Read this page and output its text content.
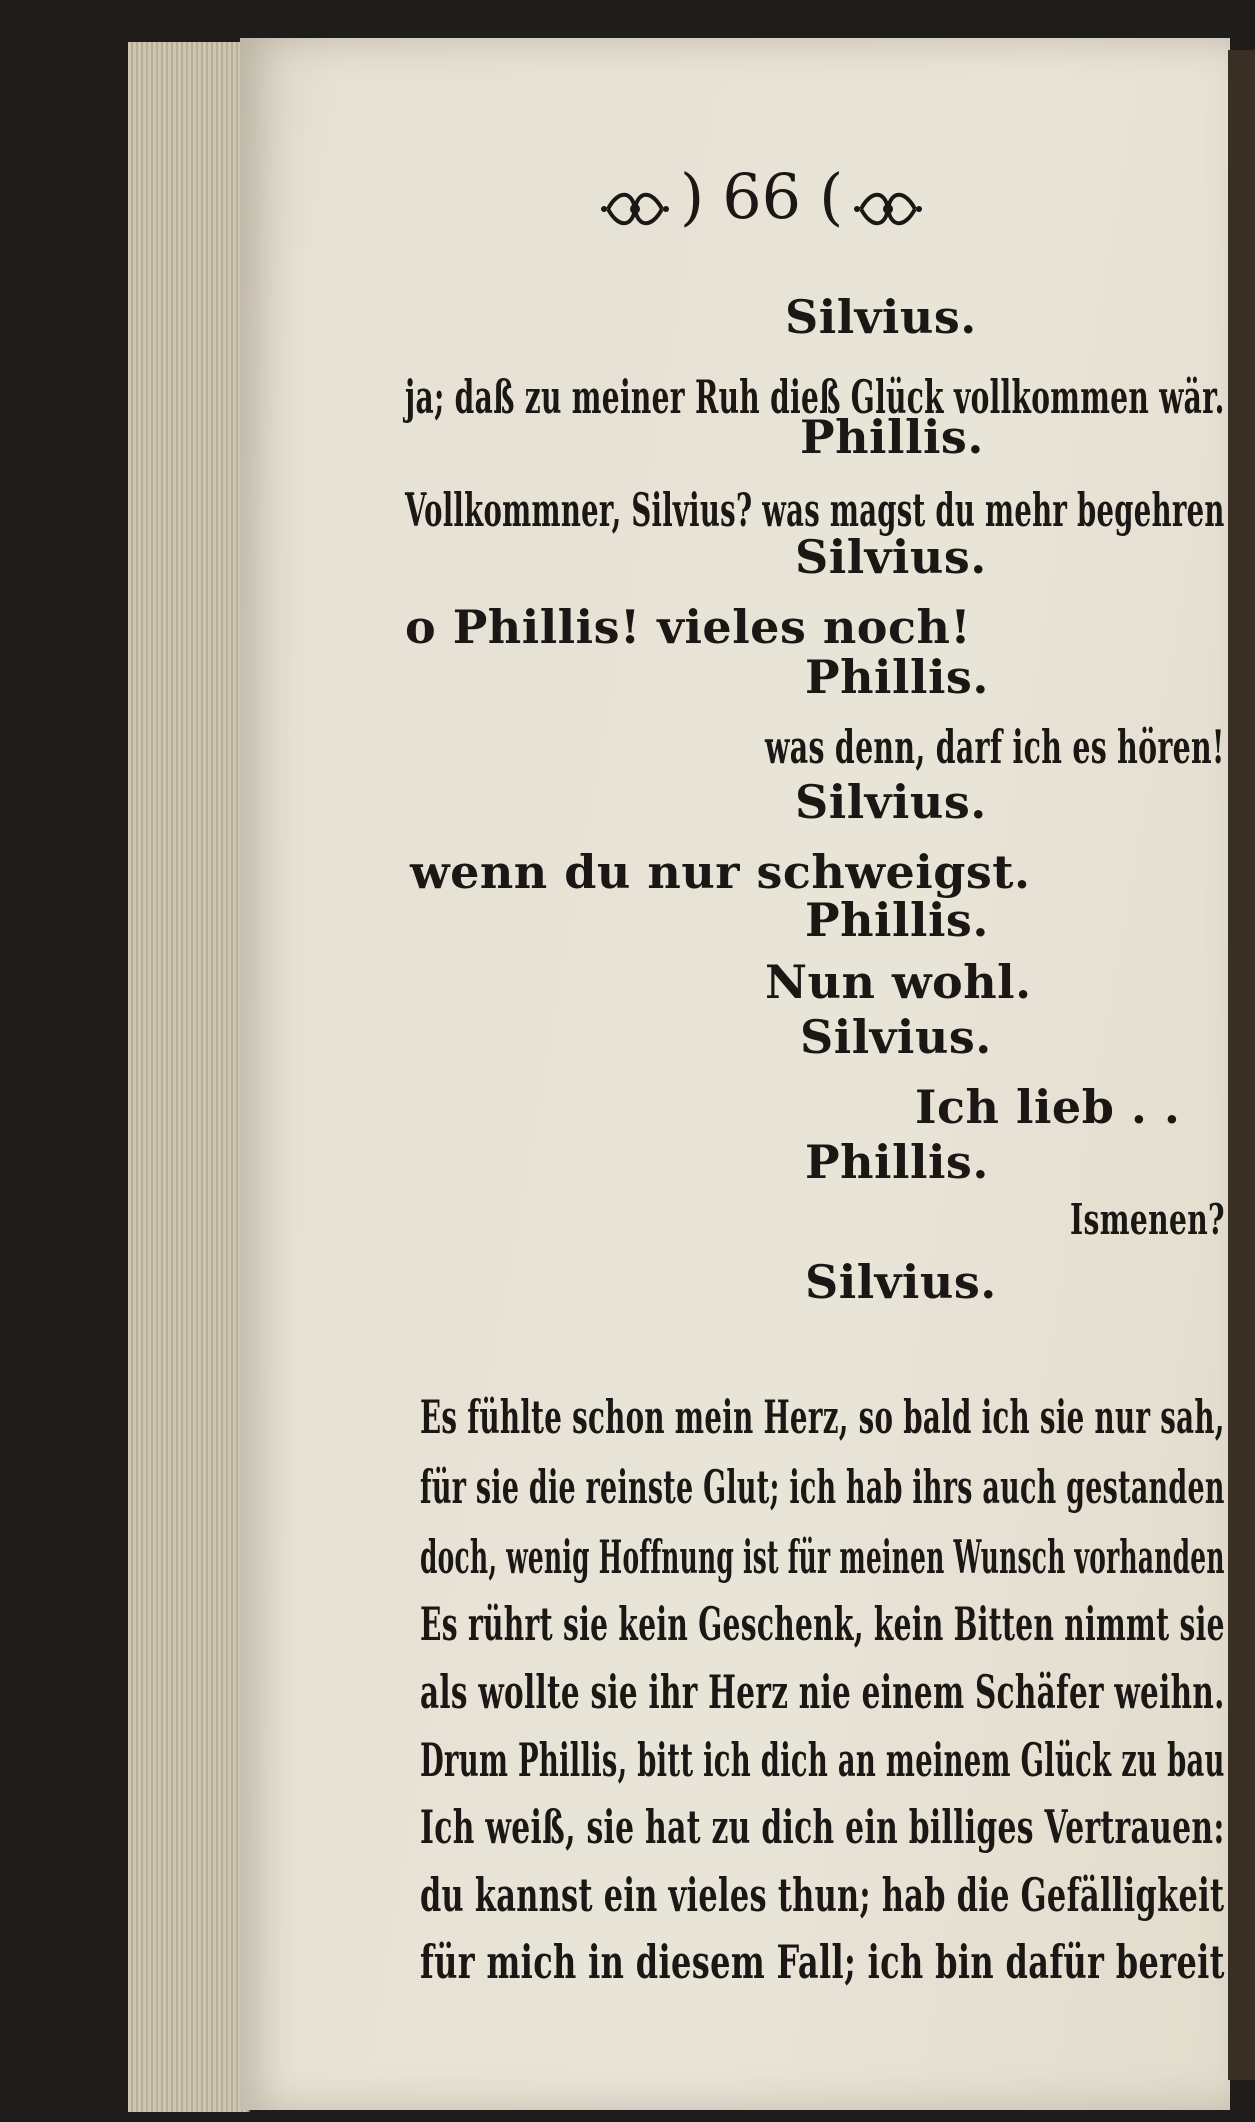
) 66 (
Silvius.
ja; daß zu meiner Ruh dieß Glück vollkommen wär.
Phillis.
Vollkommner, Silvius? was magst du mehr begehren
Silvius.
o Phillis! vieles noch!
Phillis.
was denn, darf ich es hören!
Silvius.
wenn du nur schweigst.
Phillis.
Nun wohl.
Silvius.
Ich lieb . .
Phillis.
Ismenen?
Silvius.
Es fühlte schon mein Herz, so bald ich sie nur sah,
für sie die reinste Glut; ich hab ihrs auch gestanden
doch, wenig Hoffnung ist für meinen Wunsch vorhanden
Es rührt sie kein Geschenk, kein Bitten nimmt sie
als wollte sie ihr Herz nie einem Schäfer weihn.
Drum Phillis, bitt ich dich an meinem Glück zu bau
Ich weiß, sie hat zu dich ein billiges Vertrauen:
du kannst ein vieles thun; hab die Gefälligkeit
für mich in diesem Fall; ich bin dafür bereit
